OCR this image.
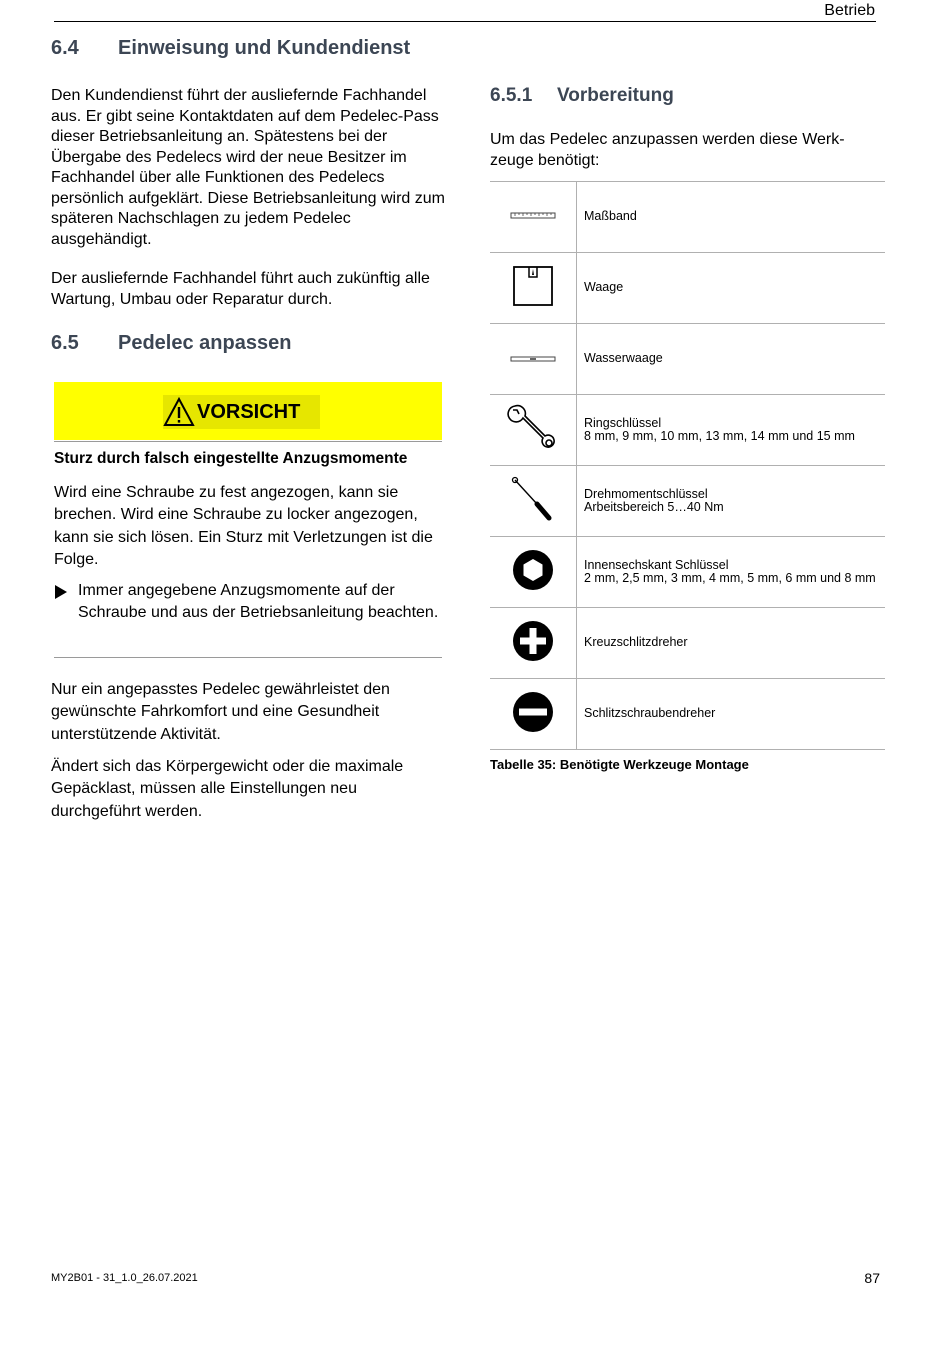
Betrieb
6.4 Einweisung und Kundendienst

Den Kundendienst führt der ausliefernde Fachhandel aus. Er gibt seine Kontaktdaten auf dem Pedelec-Pass dieser Betriebsanleitung an. Spätestens bei der Übergabe des Pedelecs wird der neue Besitzer im Fachhandel über alle Funktionen des Pedelecs persönlich aufgeklärt. Diese Betriebsanleitung wird zum späteren Nachschlagen zu jedem Pedelec ausgehändigt.

Der ausliefernde Fachhandel führt auch zukünftig alle Wartung, Umbau oder Reparatur durch.

6.5 Pedelec anpassen
VORSICHT
Sturz durch falsch eingestellte Anzugsmomente
Wird eine Schraube zu fest angezogen, kann sie brechen. Wird eine Schraube zu locker angezogen, kann sie sich lösen. Ein Sturz mit Verletzungen ist die Folge.
Immer angegebene Anzugsmomente auf der Schraube und aus der Betriebsanleitung beachten.

Nur ein angepasstes Pedelec gewährleistet den gewünschte Fahrkomfort und eine Gesundheit unterstützende Aktivität.

Ändert sich das Körpergewicht oder die maximale Gepäcklast, müssen alle Einstellungen neu durchgeführt werden.

6.5.1 Vorbereitung
Um das Pedelec anzupassen werden diese Werk-
zeuge benötigt:
	Maßband
	Waage
	Wasserwaage

Ringschlüssel
8 mm, 9 mm, 10 mm, 13 mm, 14 mm und 15 mm

Drehmomentschlüssel
Arbeitsbereich 5…40 Nm

Innensechskant Schlüssel
2 mm, 2,5 mm, 3 mm, 4 mm, 5 mm, 6 mm und 8 mm

	Kreuzschlitzdreher
	Schlitzschraubendreher
Tabelle 35: Benötigte Werkzeuge Montage
MY2B01 - 31_1.0_26.07.2021	87
